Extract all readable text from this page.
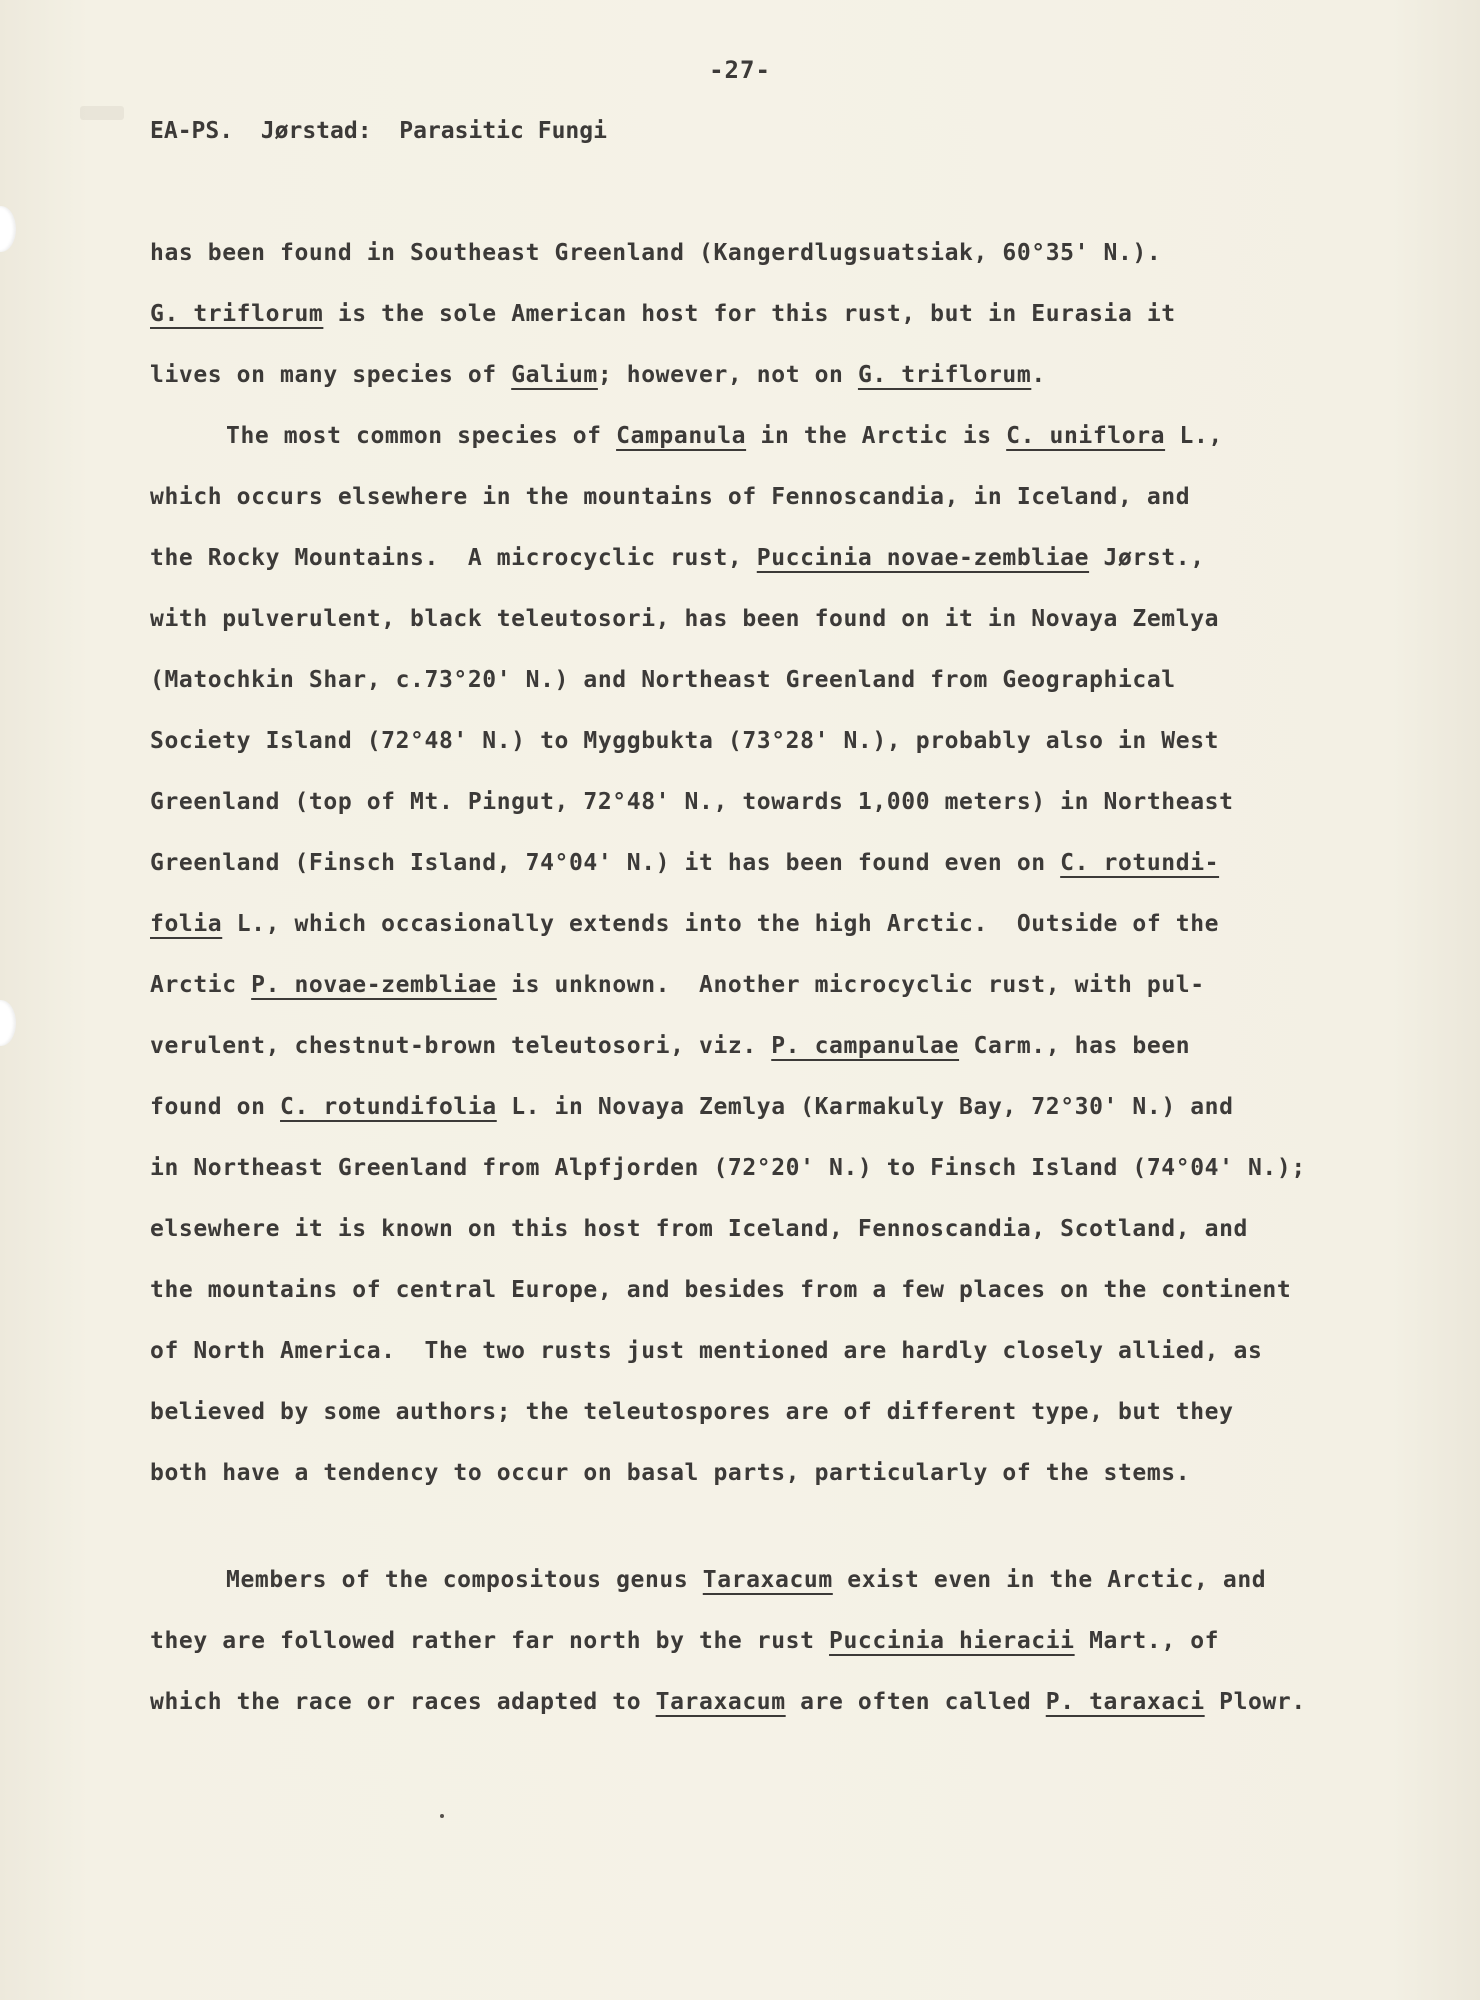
-27-
EA-PS.  Jørstad:  Parasitic Fungi
has been found in Southeast Greenland (Kangerdlugsuatsiak, 60°35' N.).
G. triflorum is the sole American host for this rust, but in Eurasia it
lives on many species of Galium; however, not on G. triflorum.
The most common species of Campanula in the Arctic is C. uniflora L.,
which occurs elsewhere in the mountains of Fennoscandia, in Iceland, and
the Rocky Mountains.  A microcyclic rust, Puccinia novae-zembliae Jørst.,
with pulverulent, black teleutosori, has been found on it in Novaya Zemlya
(Matochkin Shar, c.73°20' N.) and Northeast Greenland from Geographical
Society Island (72°48' N.) to Myggbukta (73°28' N.), probably also in West
Greenland (top of Mt. Pingut, 72°48' N., towards 1,000 meters) in Northeast
Greenland (Finsch Island, 74°04' N.) it has been found even on C. rotundi-
folia L., which occasionally extends into the high Arctic.  Outside of the
Arctic P. novae-zembliae is unknown.  Another microcyclic rust, with pul-
verulent, chestnut-brown teleutosori, viz. P. campanulae Carm., has been
found on C. rotundifolia L. in Novaya Zemlya (Karmakuly Bay, 72°30' N.) and
in Northeast Greenland from Alpfjorden (72°20' N.) to Finsch Island (74°04' N.);
elsewhere it is known on this host from Iceland, Fennoscandia, Scotland, and
the mountains of central Europe, and besides from a few places on the continent
of North America.  The two rusts just mentioned are hardly closely allied, as
believed by some authors; the teleutospores are of different type, but they
both have a tendency to occur on basal parts, particularly of the stems.
Members of the compositous genus Taraxacum exist even in the Arctic, and
they are followed rather far north by the rust Puccinia hieracii Mart., of
which the race or races adapted to Taraxacum are often called P. taraxaci Plowr.
